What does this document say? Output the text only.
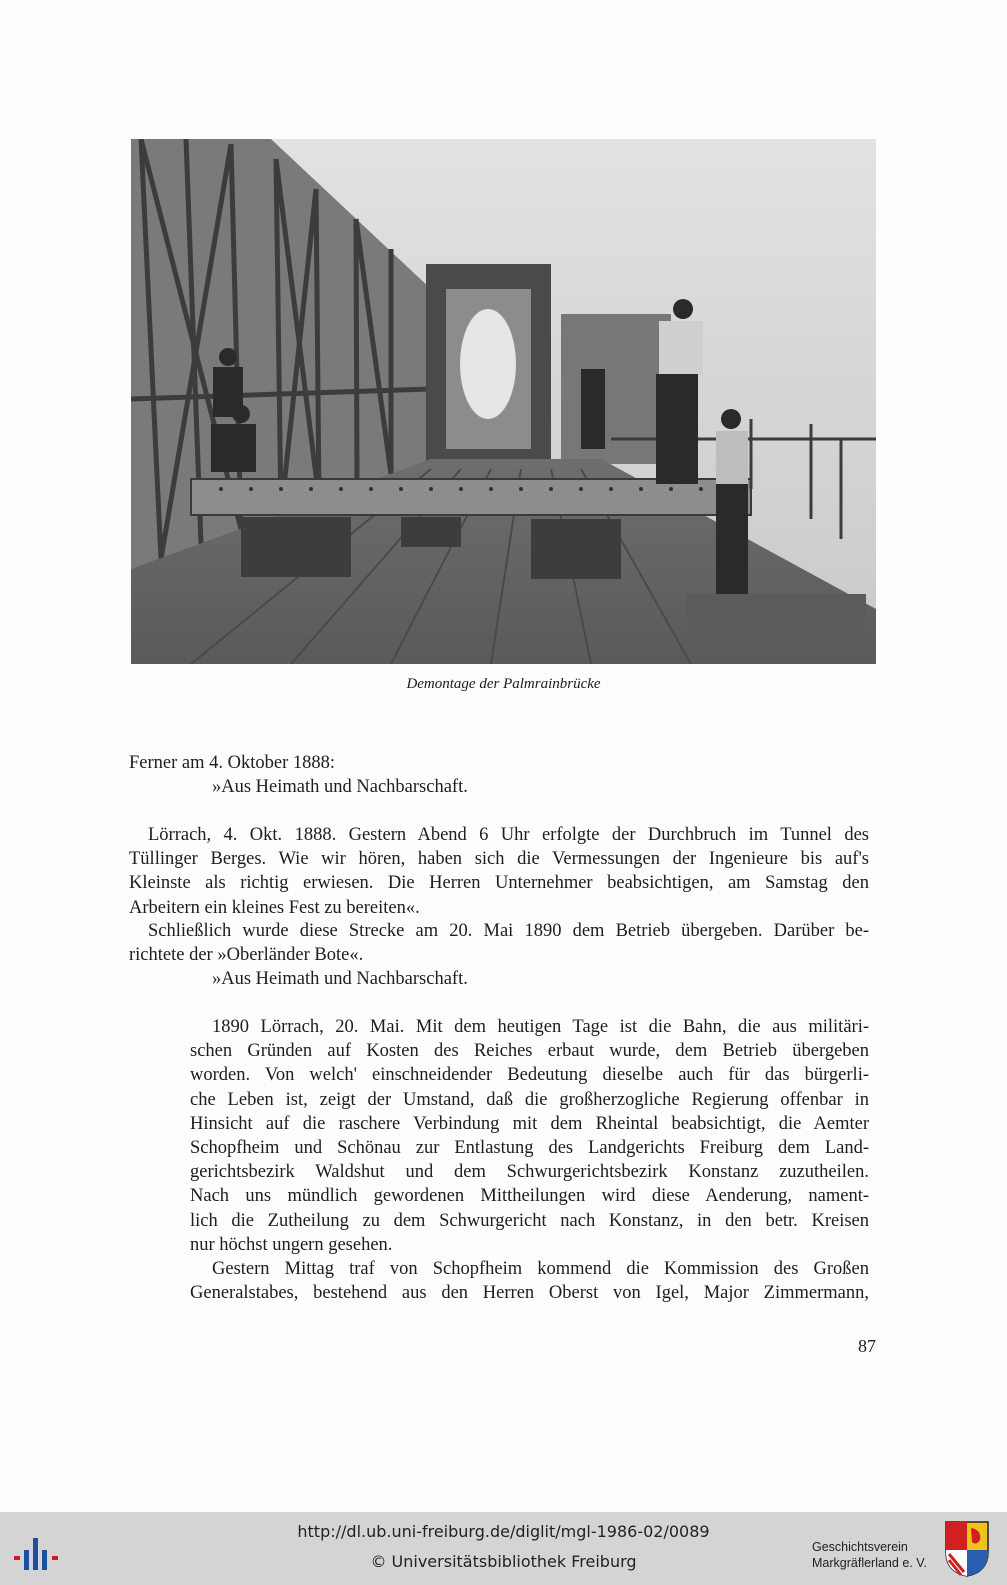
Demontage der Palmrainbrücke
Ferner am 4. Oktober 1888:
»Aus Heimath und Nachbarschaft.
Lörrach, 4. Okt. 1888. Gestern Abend 6 Uhr erfolgte der Durchbruch im Tunnel des
Tüllinger Berges. Wie wir hören, haben sich die Vermessungen der Ingenieure bis auf's
Kleinste als richtig erwiesen. Die Herren Unternehmer beabsichtigen, am Samstag den
Arbeitern ein kleines Fest zu bereiten«.
Schließlich wurde diese Strecke am 20. Mai 1890 dem Betrieb übergeben. Darüber be-
richtete der »Oberländer Bote«.
»Aus Heimath und Nachbarschaft.
1890 Lörrach, 20. Mai. Mit dem heutigen Tage ist die Bahn, die aus militäri-
schen Gründen auf Kosten des Reiches erbaut wurde, dem Betrieb übergeben
worden. Von welch' einschneidender Bedeutung dieselbe auch für das bürgerli-
che Leben ist, zeigt der Umstand, daß die großherzogliche Regierung offenbar in
Hinsicht auf die raschere Verbindung mit dem Rheintal beabsichtigt, die Aemter
Schopfheim und Schönau zur Entlastung des Landgerichts Freiburg dem Land-
gerichtsbezirk Waldshut und dem Schwurgerichtsbezirk Konstanz zuzutheilen.
Nach uns mündlich gewordenen Mittheilungen wird diese Aenderung, nament-
lich die Zutheilung zu dem Schwurgericht nach Konstanz, in den betr. Kreisen
nur höchst ungern gesehen.
Gestern Mittag traf von Schopfheim kommend die Kommission des Großen
Generalstabes, bestehend aus den Herren Oberst von Igel, Major Zimmermann,
87
http://dl.ub.uni-freiburg.de/diglit/mgl-1986-02/0089
© Universitätsbibliothek Freiburg
Geschichtsverein
Markgräflerland e. V.
